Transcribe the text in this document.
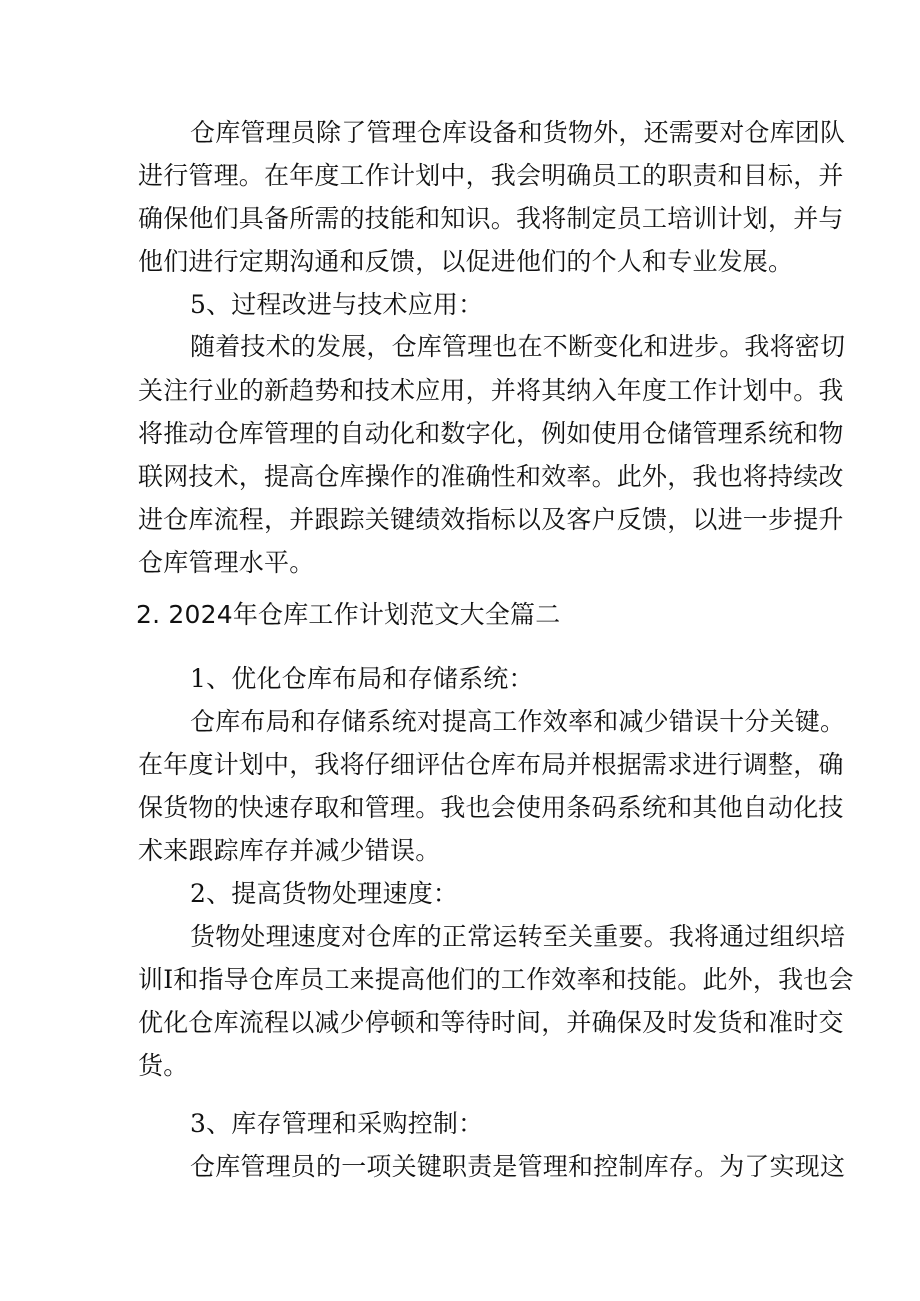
仓库管理员除了管理仓库设备和货物外，还需要对仓库团队
进行管理。在年度工作计划中，我会明确员工的职责和目标，并
确保他们具备所需的技能和知识。我将制定员工培训计划，并与
他们进行定期沟通和反馈，以促进他们的个人和专业发展。
5、过程改进与技术应用：
随着技术的发展，仓库管理也在不断变化和进步。我将密切
关注行业的新趋势和技术应用，并将其纳入年度工作计划中。我
将推动仓库管理的自动化和数字化，例如使用仓储管理系统和物
联网技术，提高仓库操作的准确性和效率。此外，我也将持续改
进仓库流程，并跟踪关键绩效指标以及客户反馈，以进一步提升
仓库管理水平。
2. 2024年仓库工作计划范文大全篇二
1、优化仓库布局和存储系统：
仓库布局和存储系统对提高工作效率和减少错误十分关键。
在年度计划中，我将仔细评估仓库布局并根据需求进行调整，确
保货物的快速存取和管理。我也会使用条码系统和其他自动化技
术来跟踪库存并减少错误。
2、提高货物处理速度：
货物处理速度对仓库的正常运转至关重要。我将通过组织培
训I和指导仓库员工来提高他们的工作效率和技能。此外，我也会
优化仓库流程以减少停顿和等待时间，并确保及时发货和准时交
货。
3、库存管理和采购控制：
仓库管理员的一项关键职责是管理和控制库存。为了实现这
